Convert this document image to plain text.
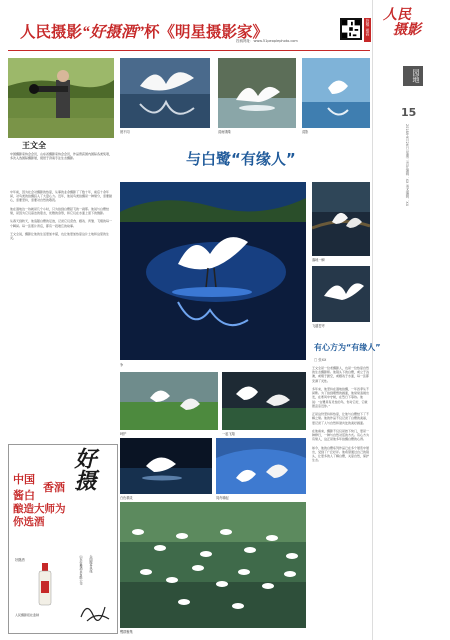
人民摄影“好摄酒”杯《明星摄影家》
投稿网址：www.51peoplephoto.com
投稿二维码
人民
摄影
园地
15
2018年9月26日 星期三 责任编辑：XX 美术编辑：XX
王文全
中国摄影家协会会员，山东省摄影家协会会员，作品曾获国内国际各类奖项，多次入选国际摄影展，现居于济南专注生态摄影。
中年前，因为社会对摄影的热爱，从事的业余摄影了了数十年，前后十余年间，对鸟类的拍摄投入了大量心力。近年，他说鸟类拍摄是一种缘分，需要耐心，需要坚持，需要对自然的敬畏。

他在湿地边一待就是几个小时，只为拍到白鹭起飞的一刹那。他说与白鹭结缘，是因为它们高洁的姿态，优雅的身形，和它们在水面上留下的倒影。

从春天到秋天，他追随白鹭的足迹，记录它们觅食、嬉戏、育雏、飞翔的每一个瞬间。每一张照片背后，都有一段难忘的故事。

王文全说，摄影让他的生活更加丰富，也让他更加热爱这片土地和这里的生灵。
好摄
中国
酱白
香酒
酿造大师为你选酒
好摄酒	山东好摄酒业有限公司 全国服务热线
人民摄影报社监制
晨不同	清雨缱绻	清影
与白鹭“有缘人”
争
落地一瞬
飞越苍穹
有心方为“有缘人”
□ 张XX
王文全是一位老摄影人，也是一位热爱自然的生态摄影师。他镜头下的白鹭，或立于浅滩，或翔于碧空，或嬉戏于水面，每一张都充满了灵性。

多年来，他坚持在湿地拍摄，一年四季从不间断。为了拍到理想的画面，他常常凌晨出发，在寒风中守候，在烈日下等待。他说：“白鹭是有灵性的鸟，你对它好，它就愿意亲近你。”

正是这份坚持和热爱，让他与白鹭结下了不解之缘。他的作品不仅记录了白鹭的美丽，更记录了人与自然和谐共处的美好画面。

在他看来，摄影不仅仅是按下快门，更是一种修行，一种与自然对话的方式。有心方为有缘人，这正是他多年拍摄白鹭的心得。

如今，他的白鹭系列作品已在多个展览中展出，受到了广泛好评。他希望通过自己的镜头，让更多的人了解白鹭，关爱自然，保护生态。
呵护	一起飞翔
白色精灵	同舟嗨起
鹭群聚集
